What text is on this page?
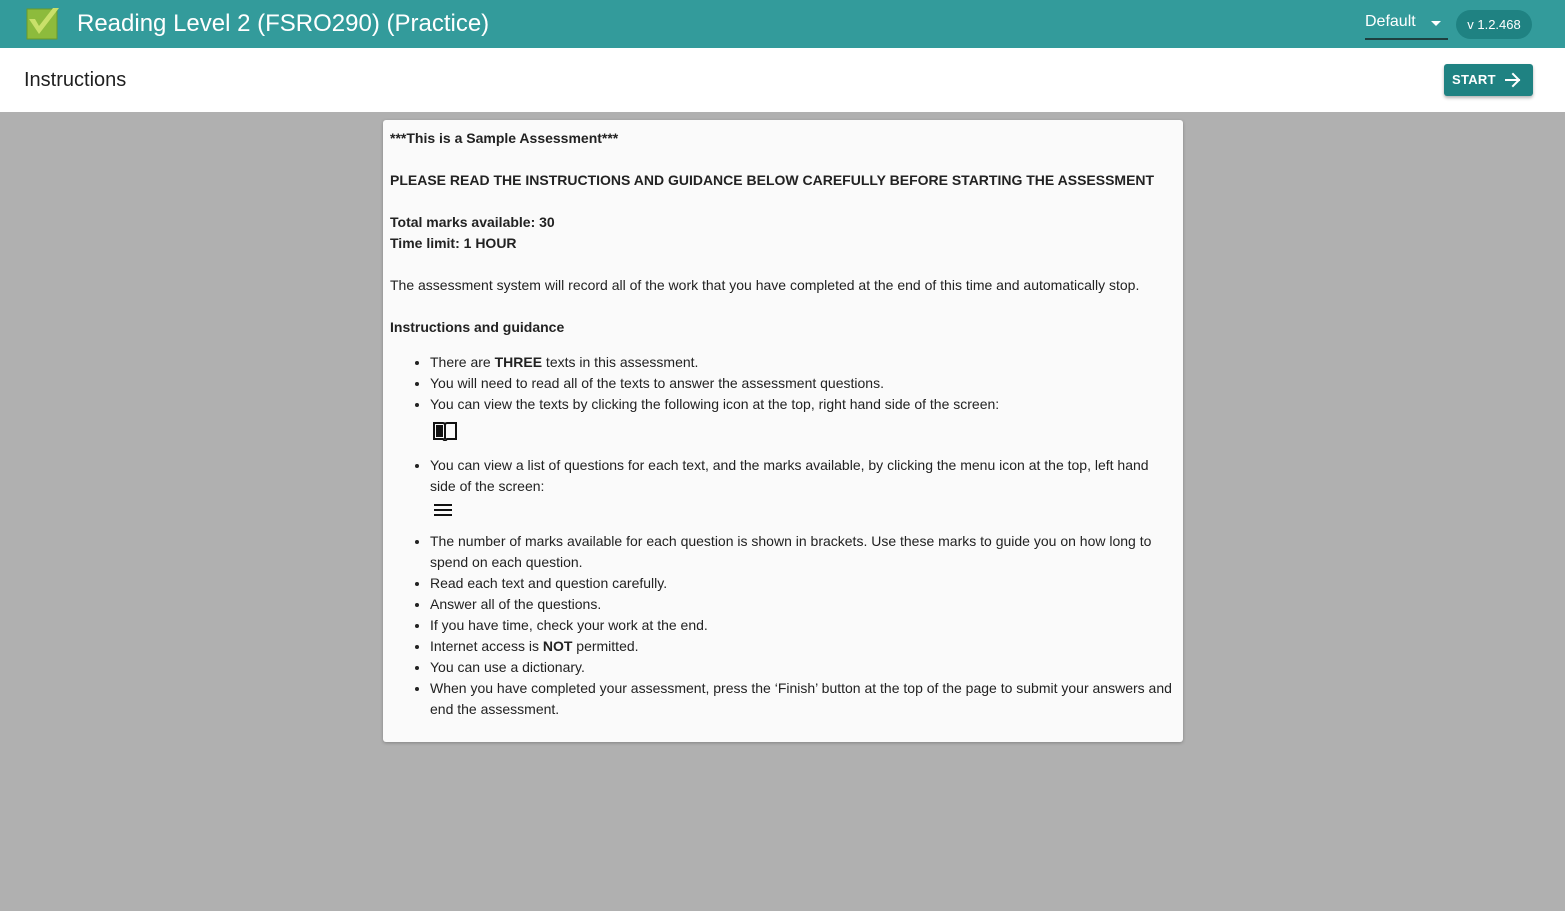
Reading Level 2 (FSRO290) (Practice)	Default	v 1.2.468
Instructions	START

***This is a Sample Assessment***

PLEASE READ THE INSTRUCTIONS AND GUIDANCE BELOW CAREFULLY BEFORE STARTING THE ASSESSMENT

Total marks available: 30

Time limit: 1 HOUR

The assessment system will record all of the work that you have completed at the end of this time and automatically stop.

Instructions and guidance

• There are THREE texts in this assessment.
• You will need to read all of the texts to answer the assessment questions.
• You can view the texts by clicking the following icon at the top, right hand side of the screen:
• You can view a list of questions for each text, and the marks available, by clicking the menu icon at the top, left hand side of the screen:
• The number of marks available for each question is shown in brackets. Use these marks to guide you on how long to spend on each question.
• Read each text and question carefully.
• Answer all of the questions.
• If you have time, check your work at the end.
• Internet access is NOT permitted.
• You can use a dictionary.
• When you have completed your assessment, press the ‘Finish’ button at the top of the page to submit your answers and end the assessment.
